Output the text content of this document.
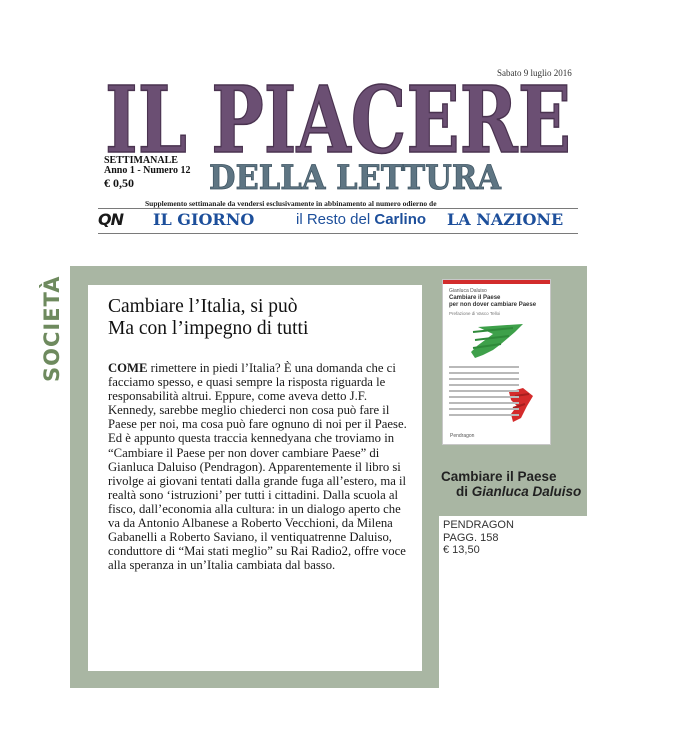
Sabato 9 luglio 2016
IL PIACERE
SETTIMANALE
Anno 1 - Numero 12
€ 0,50	DELLA LETTURA
Supplemento settimanale da vendersi esclusivamente in abbinamento al numero odierno de
QN IL GIORNO	il Resto del Carlino LA NAZIONE
SOCIETÀ Cambiare l’Italia, si può
Ma con l’impegno di tutti

COME rimettere in piedi l’Italia? È una domanda che ci facciamo spesso, e quasi sempre la risposta riguarda le responsabilità altrui. Eppure, come aveva detto J.F. Kennedy, sarebbe meglio chiederci non cosa può fare il Paese per noi, ma cosa può fare ognuno di noi per il Paese. Ed è appunto questa traccia kennedyana che troviamo in “Cambiare il Paese per non dover cambiare Paese” di Gianluca Daluiso (Pendragon). Apparentemente il libro si rivolge ai giovani tentati dalla grande fuga all’estero, ma il realtà sono ‘istruzioni’ per tutti i cittadini. Dalla scuola al fisco, dall’economia alla cultura: in un dialogo aperto che va da Antonio Albanese a Roberto Vecchioni, da Milena Gabanelli a Roberto Saviano, il ventiquatrenne Daluiso, conduttore di “Mai stati meglio” su Rai Radio2, offre voce alla speranza in un’Italia cambiata dal basso.

Gianluca Daluiso
Cambiare il Paese
per non dover cambiare Paese
Prefazione di Vasco Telloi
Pendragon
Cambiare il Paese
di Gianluca Daluiso
PENDRAGON
PAGG. 158
€ 13,50
